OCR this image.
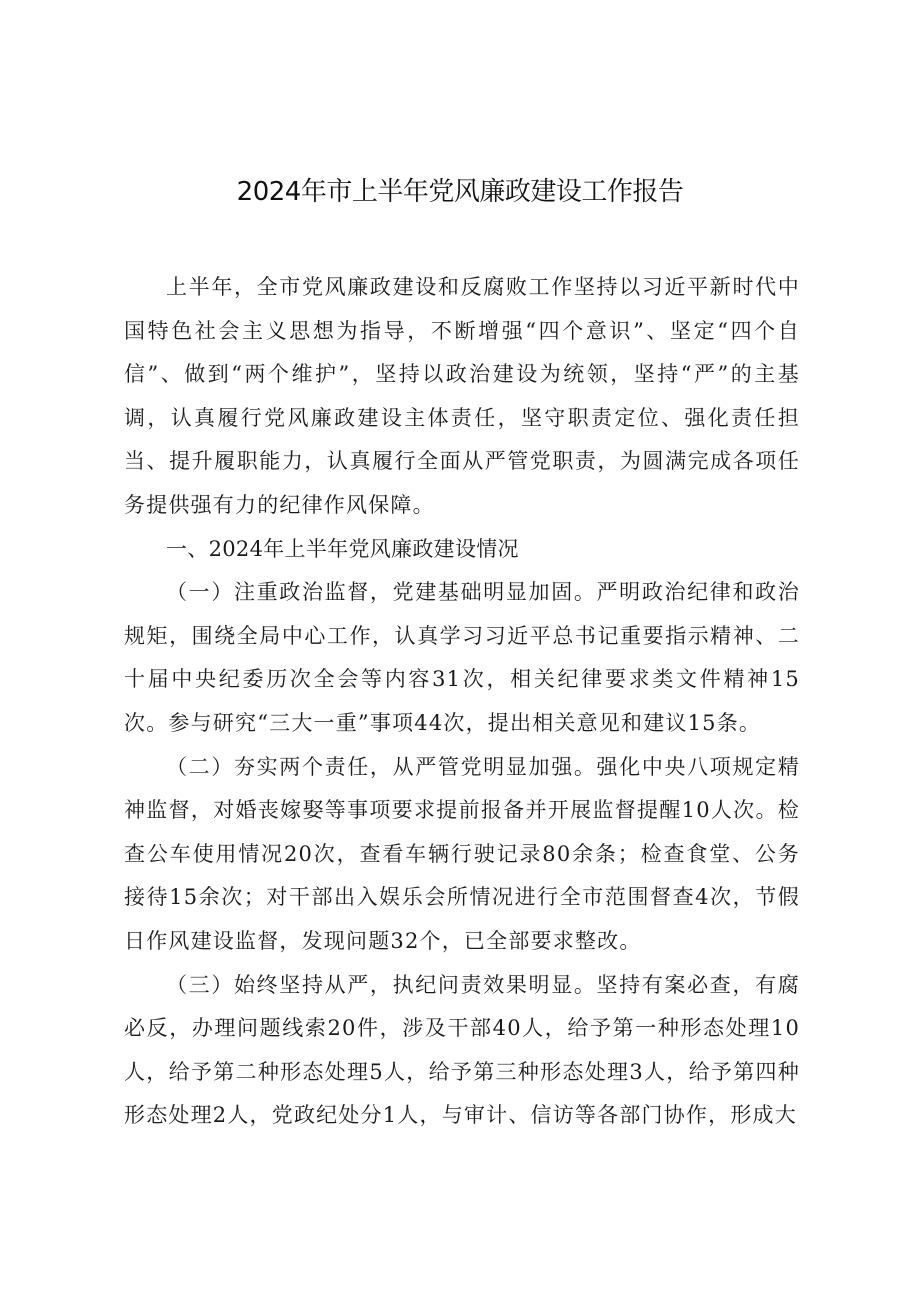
2024年市上半年党风廉政建设工作报告

上半年，全市党风廉政建设和反腐败工作坚持以习近平新时代中国特色社会主义思想为指导，不断增强“四个意识”、坚定“四个自信”、做到“两个维护”，坚持以政治建设为统领，坚持“严”的主基调，认真履行党风廉政建设主体责任，坚守职责定位、强化责任担当、提升履职能力，认真履行全面从严管党职责，为圆满完成各项任务提供强有力的纪律作风保障。

一、2024年上半年党风廉政建设情况

（一）注重政治监督，党建基础明显加固。严明政治纪律和政治规矩，围绕全局中心工作，认真学习习近平总书记重要指示精神、二十届中央纪委历次全会等内容31次，相关纪律要求类文件精神15次。参与研究“三大一重”事项44次，提出相关意见和建议15条。

（二）夯实两个责任，从严管党明显加强。强化中央八项规定精神监督，对婚丧嫁娶等事项要求提前报备并开展监督提醒10人次。检查公车使用情况20次，查看车辆行驶记录80余条；检查食堂、公务接待15余次；对干部出入娱乐会所情况进行全市范围督查4次，节假日作风建设监督，发现问题32个，已全部要求整改。

（三）始终坚持从严，执纪问责效果明显。坚持有案必查，有腐必反，办理问题线索20件，涉及干部40人，给予第一种形态处理10人，给予第二种形态处理5人，给予第三种形态处理3人，给予第四种形态处理2人，党政纪处分1人，与审计、信访等各部门协作，形成大
